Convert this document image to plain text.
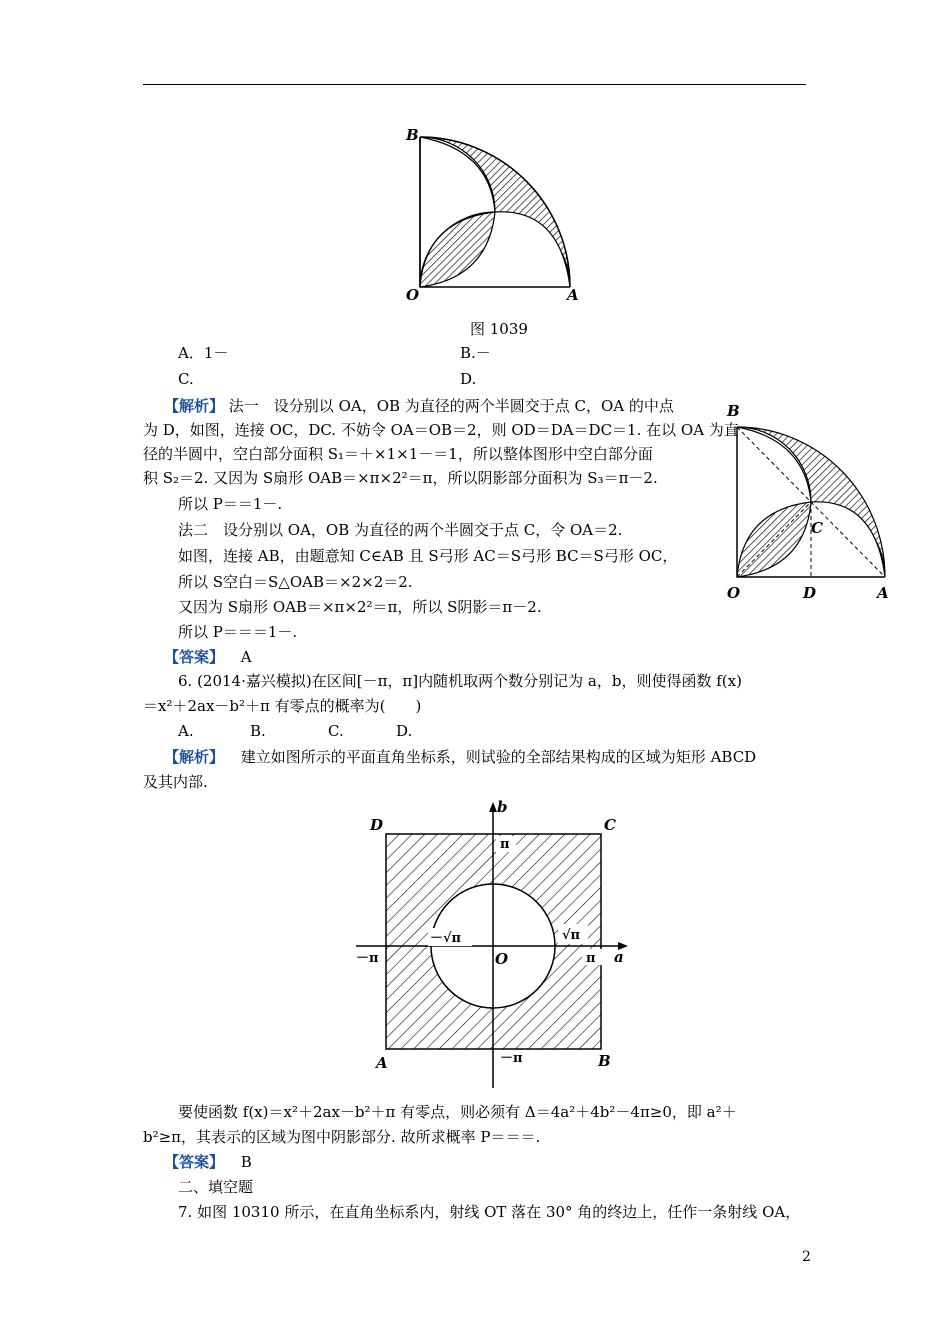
B
O	A
图 1039
A．1－	B.－
C.	D.
【解析】 法一　设分别以 OA，OB 为直径的两个半圆交于点 C，OA 的中点
为 D，如图，连接 OC，DC. 不妨令 OA＝OB＝2，则 OD＝DA＝DC＝1. 在以 OA 为直
径的半圆中，空白部分面积 S₁＝＋×1×1－＝1，所以整体图形中空白部分面
积 S₂＝2. 又因为 S扇形 OAB＝×π×2²＝π，所以阴影部分面积为 S₃＝π－2.
所以 P＝＝1－.
法二　设分别以 OA，OB 为直径的两个半圆交于点 C，令 OA＝2.
如图，连接 AB，由题意知 C∈AB 且 S弓形 AC＝S弓形 BC＝S弓形 OC，
所以 S空白＝S△OAB＝×2×2＝2.
又因为 S扇形 OAB＝×π×2²＝π，所以 S阴影＝π－2.
所以 P＝＝＝1－.
【答案】 A
B
C
O	D	A
6. (2014·嘉兴模拟)在区间[－π，π]内随机取两个数分别记为 a，b，则使得函数 f(x)
＝x²＋2ax－b²＋π 有零点的概率为(　　)
A.	B.	C.	D.
【解析】 建立如图所示的平面直角坐标系，则试验的全部结果构成的区域为矩形 ABCD
及其内部.
D	C
A	B
O	a
b
π
－π
－π	π
－√π	√π
要使函数 f(x)＝x²＋2ax－b²＋π 有零点，则必须有 Δ＝4a²＋4b²－4π≥0，即 a²＋
b²≥π，其表示的区域为图中阴影部分. 故所求概率 P＝＝＝.
【答案】 B
二、填空题
7. 如图 10310 所示，在直角坐标系内，射线 OT 落在 30° 角的终边上，任作一条射线 OA，
2
